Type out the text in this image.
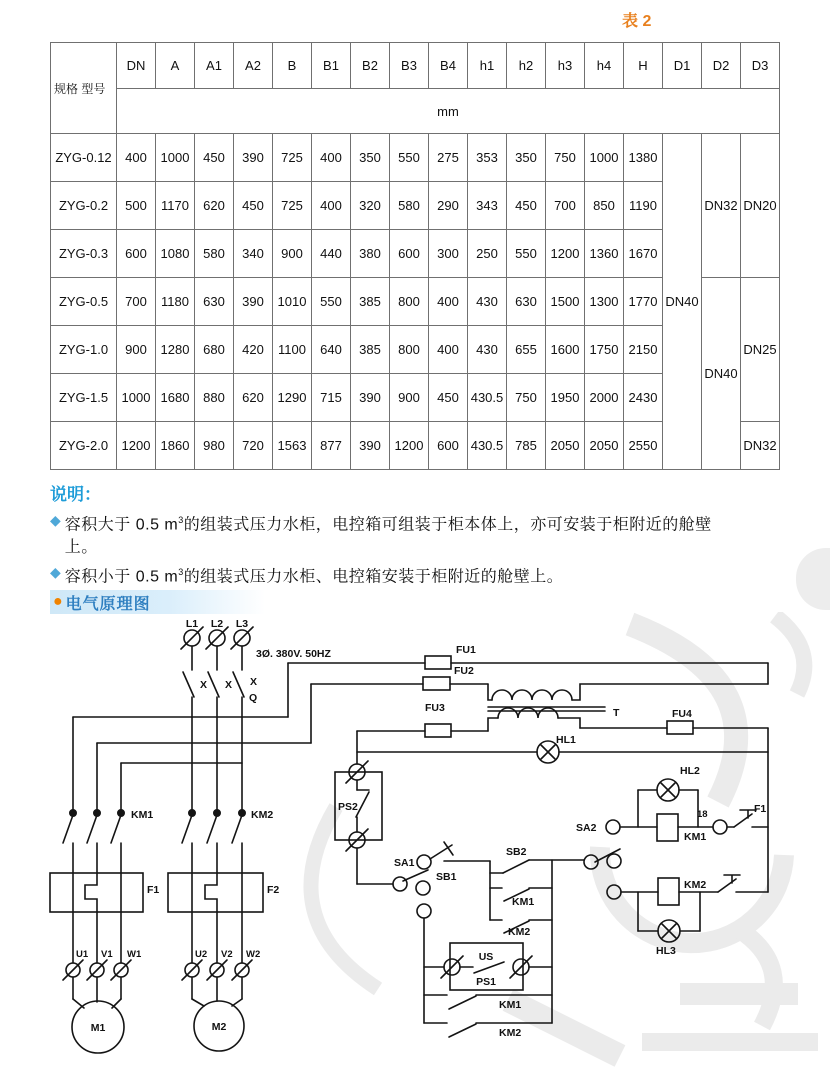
表 2
规格 型号	DN	A	A1	A2	B	B1	B2	B3	B4	h1	h2	h3	h4	H	D1	D2	D3
	mm																
ZYG-0.12	400	1000	450	390	725	400	350	550	275	353	350	750	1000	1380	DN40	DN32	DN20
ZYG-0.2	500	1170	620	450	725	400	320	580	290	343	450	700	850	1190			
ZYG-0.3	600	1080	580	340	900	440	380	600	300	250	550	1200	1360	1670			
ZYG-0.5	700	1180	630	390	1010	550	385	800	400	430	630	1500	1300	1770		DN40	DN25
ZYG-1.0	900	1280	680	420	1100	640	385	800	400	430	655	1600	1750	2150			
ZYG-1.5	1000	1680	880	620	1290	715	390	900	450	430.5	750	1950	2000	2430			
ZYG-2.0	1200	1860	980	720	1563	877	390	1200	600	430.5	785	2050	2050	2550			DN32
说明：
◆ 容积大于 0.5 $m^3$的组装式压力水柜，电控箱可组装于柜本体上，亦可安装于柜附近的舱壁上。
◆ 容积小于 0.5 $m^3$的组装式压力水柜、电控箱安装于柜附近的舱壁上。
● 电气原理图
L1 L2 L3
3Ø. 380V. 50HZ
X X X
Q
KM1	KM2
F1	F2
U1 V1 W1	U2 V2 W2
M1	M2
FU1
FU2
FU3	FU4
T
HL1
HL2
HL3
PS2
SA1
SB1
SB2
KM1
KM2
SA2
18	F1
KM1
KM2
US
PS1
KM1
KM2
